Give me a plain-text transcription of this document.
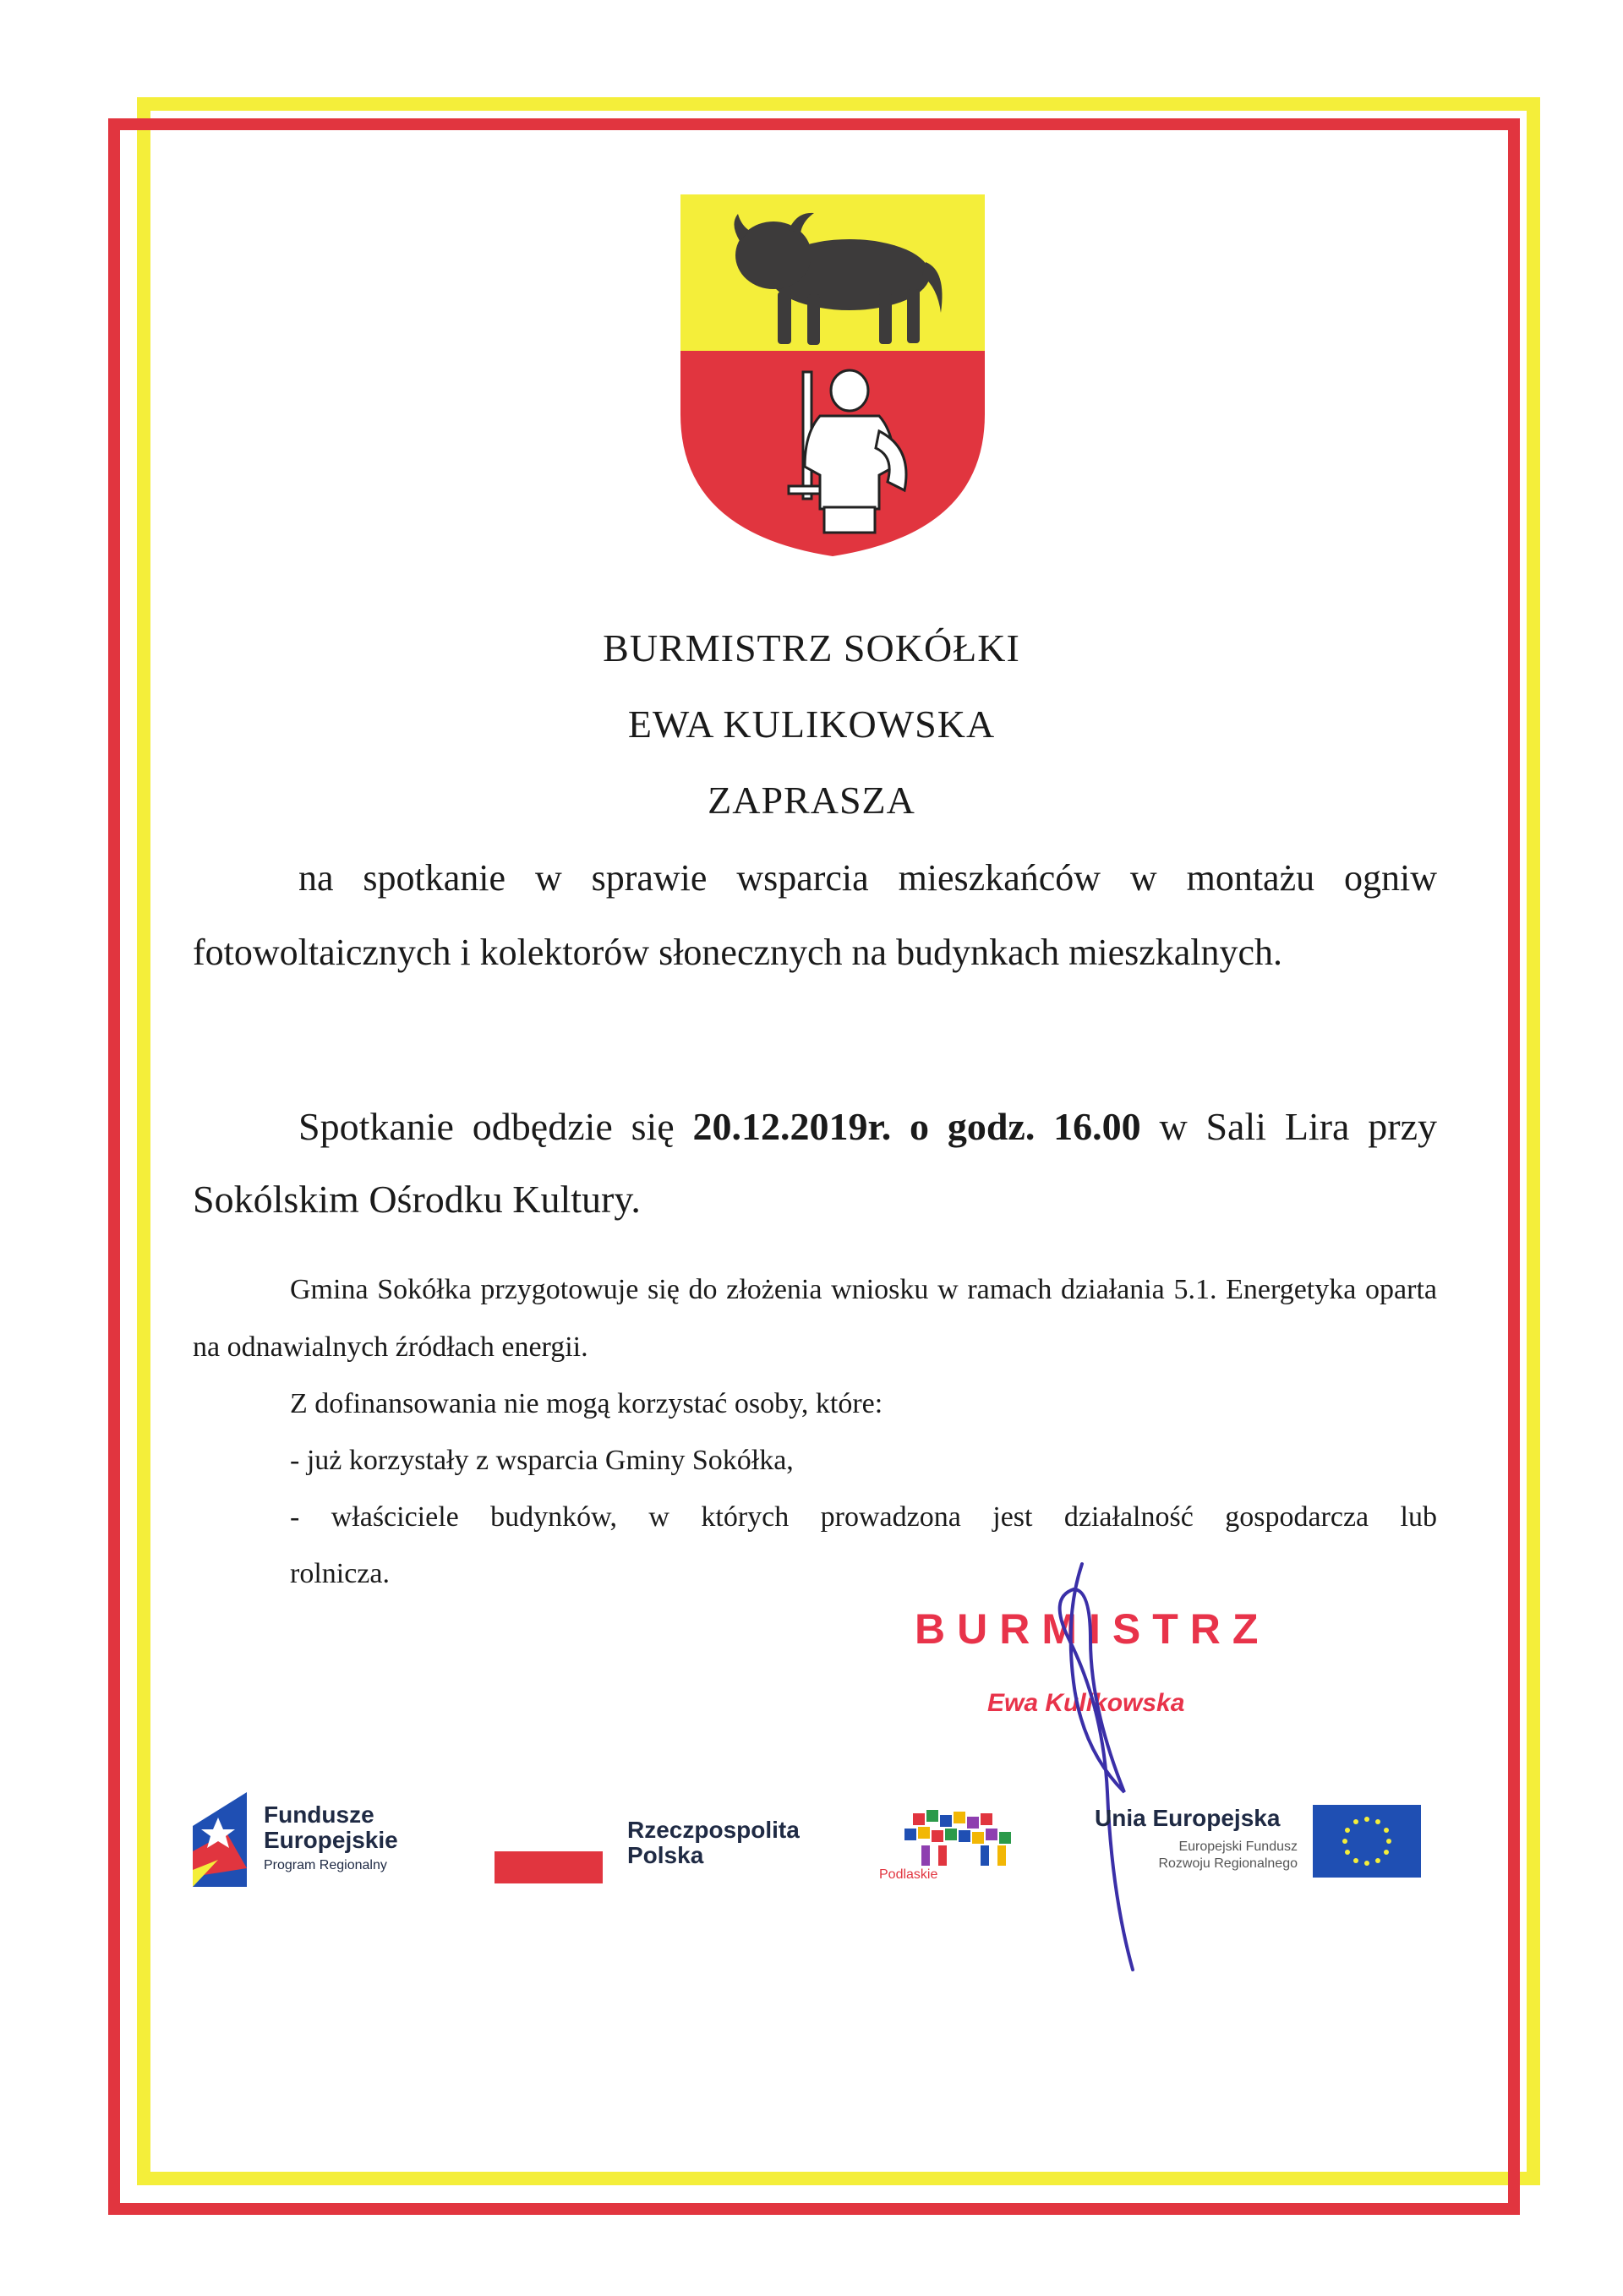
BURMISTRZ SOKÓŁKI
EWA KULIKOWSKA
ZAPRASZA
na spotkanie w sprawie wsparcia mieszkańców w montażu ogniw fotowoltaicznych i kolektorów słonecznych na budynkach mieszkalnych.
Spotkanie odbędzie się 20.12.2019r. o godz. 16.00 w Sali Lira przy Sokólskim Ośrodku Kultury.
Gmina Sokółka przygotowuje się do złożenia wniosku w ramach działania 5.1. Energetyka oparta na odnawialnych źródłach energii.
Z dofinansowania nie mogą korzystać osoby, które:
- już korzystały z wsparcia Gminy Sokółka,
- właściciele budynków, w których prowadzona jest działalność gospodarcza lub
rolnicza.
BURMISTRZ
Ewa Kulikowska
Fundusze
Europejskie
Program Regionalny
Rzeczpospolita
Polska
Podlaskie
Unia Europejska
Europejski Fundusz
Rozwoju Regionalnego
